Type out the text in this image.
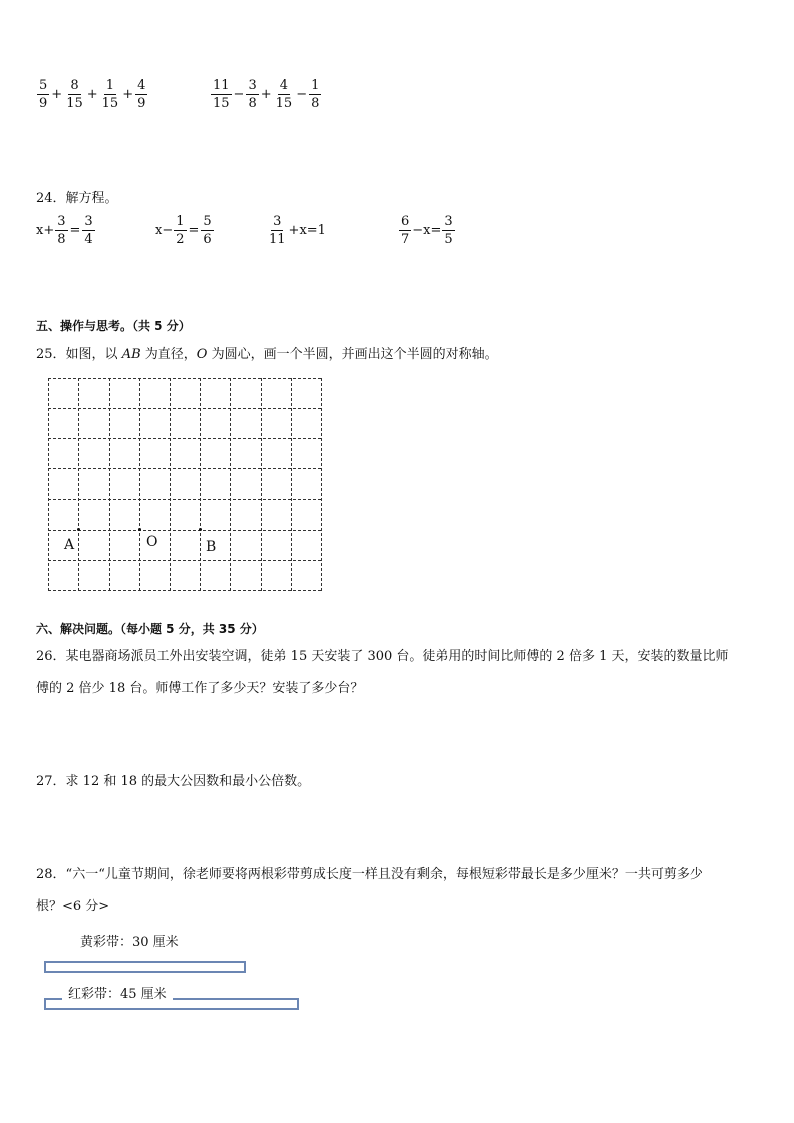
$\frac{5}{9} + \frac{8}{15} + \frac{1}{15} + \frac{4}{9}$	$\frac{11}{15} - \frac{3}{8} + \frac{4}{15} - \frac{1}{8}$
24．解方程。
$x+ \frac{3}{8} = \frac{3}{4}$	$x- \frac{1}{2} = \frac{5}{6}$	$\frac{3}{11} +x=1$	$\frac{6}{7} -x= \frac{3}{5}$
五、操作与思考。（共 5 分）
25．如图，以 AB 为直径，O 为圆心，画一个半圆，并画出这个半圆的对称轴。
A	O	B
六、解决问题。（每小题 5 分，共 35 分）
26．某电器商场派员工外出安装空调，徒弟 15 天安装了 300 台。徒弟用的时间比师傅的 2 倍多 1 天，安装的数量比师
傅的 2 倍少 18 台。师傅工作了多少天？安装了多少台？
27．求 12 和 18 的最大公因数和最小公倍数。
28．“六一“儿童节期间，徐老师要将两根彩带剪成长度一样且没有剩余，每根短彩带最长是多少厘米？一共可剪多少
根？<6 分>
黄彩带：30 厘米
红彩带：45 厘米
